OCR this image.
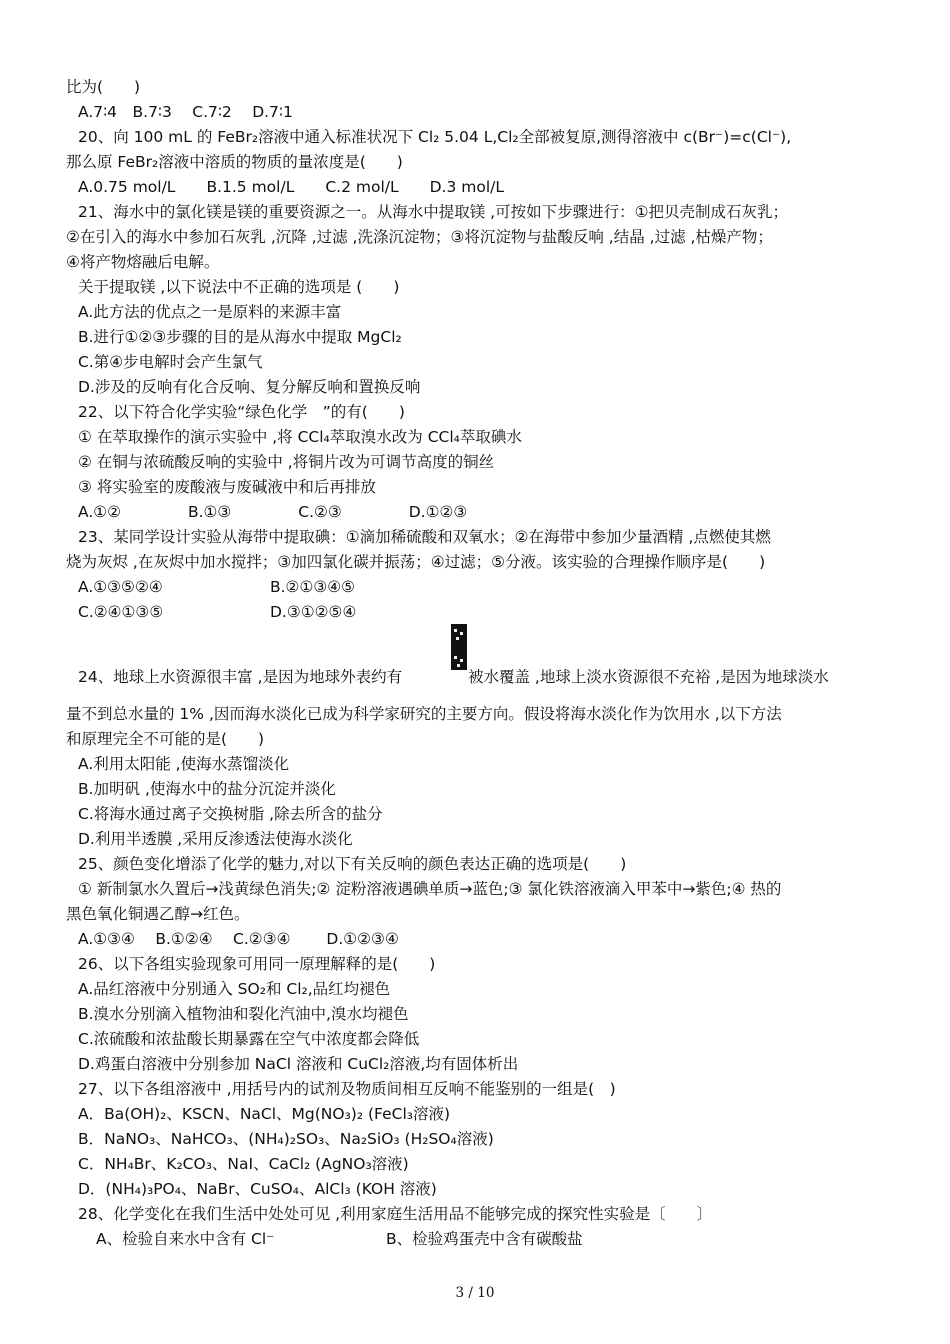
比为(　　)
A.7∶4　B.7∶3　 C.7∶2　 D.7∶1
20、向 100 mL 的 FeBr₂溶液中通入标准状况下 Cl₂ 5.04 L,Cl₂全部被复原,测得溶液中 c(Br⁻)=c(Cl⁻),
那么原 FeBr₂溶液中溶质的物质的量浓度是(　　)
A.0.75 mol/L　　B.1.5 mol/L　　C.2 mol/L　　D.3 mol/L
21、海水中的氯化镁是镁的重要资源之一。从海水中提取镁 ,可按如下步骤进行：①把贝壳制成石灰乳；
②在引入的海水中参加石灰乳 ,沉降 ,过滤 ,洗涤沉淀物；③将沉淀物与盐酸反响 ,结晶 ,过滤 ,枯燥产物；
④将产物熔融后电解。
关于提取镁 ,以下说法中不正确的选项是 (　　)
A.此方法的优点之一是原料的来源丰富
B.进行①②③步骤的目的是从海水中提取 MgCl₂
C.第④步电解时会产生氯气
D.涉及的反响有化合反响、复分解反响和置换反响
22、以下符合化学实验“绿色化学　”的有(　　)
① 在萃取操作的演示实验中 ,将 CCl₄萃取溴水改为 CCl₄萃取碘水
② 在铜与浓硫酸反响的实验中 ,将铜片改为可调节高度的铜丝
③ 将实验室的废酸液与废碱液中和后再排放
A.①②　　　　 B.①③　　　　 C.②③　　　　 D.①②③
23、某同学设计实验从海带中提取碘：①滴加稀硫酸和双氧水；②在海带中参加少量酒精 ,点燃使其燃
烧为灰烬 ,在灰烬中加水搅拌；③加四氯化碳并振荡；④过滤；⑤分液。该实验的合理操作顺序是(　　)
A.①③⑤②④	B.②①③④⑤
C.②④①③⑤	D.③①②⑤④
24、地球上水资源很丰富 ,是因为地球外表约有	被水覆盖 ,地球上淡水资源很不充裕 ,是因为地球淡水
量不到总水量的 1% ,因而海水淡化已成为科学家研究的主要方向。假设将海水淡化作为饮用水 ,以下方法
和原理完全不可能的是(　　)
A.利用太阳能 ,使海水蒸馏淡化
B.加明矾 ,使海水中的盐分沉淀并淡化
C.将海水通过离子交换树脂 ,除去所含的盐分
D.利用半透膜 ,采用反渗透法使海水淡化
25、颜色变化增添了化学的魅力,对以下有关反响的颜色表达正确的选项是(　　)
① 新制氯水久置后→浅黄绿色消失;② 淀粉溶液遇碘单质→蓝色;③ 氯化铁溶液滴入甲苯中→紫色;④ 热的
黑色氧化铜遇乙醇→红色。
A.①③④　 B.①②④　 C.②③④　　 D.①②③④
26、以下各组实验现象可用同一原理解释的是(　　)
A.品红溶液中分别通入 SO₂和 Cl₂,品红均褪色
B.溴水分别滴入植物油和裂化汽油中,溴水均褪色
C.浓硫酸和浓盐酸长期暴露在空气中浓度都会降低
D.鸡蛋白溶液中分别参加 NaCl 溶液和 CuCl₂溶液,均有固体析出
27、以下各组溶液中 ,用括号内的试剂及物质间相互反响不能鉴别的一组是(　)
A．Ba(OH)₂、KSCN、NaCl、Mg(NO₃)₂ (FeCl₃溶液)
B．NaNO₃、NaHCO₃、(NH₄)₂SO₃、Na₂SiO₃ (H₂SO₄溶液)
C．NH₄Br、K₂CO₃、NaI、CaCl₂ (AgNO₃溶液)
D．(NH₄)₃PO₄、NaBr、CuSO₄、AlCl₃ (KOH 溶液)
28、化学变化在我们生活中处处可见 ,利用家庭生活用品不能够完成的探究性实验是〔　　〕
A、检验自来水中含有 Cl⁻	B、检验鸡蛋壳中含有碳酸盐
3 / 10
